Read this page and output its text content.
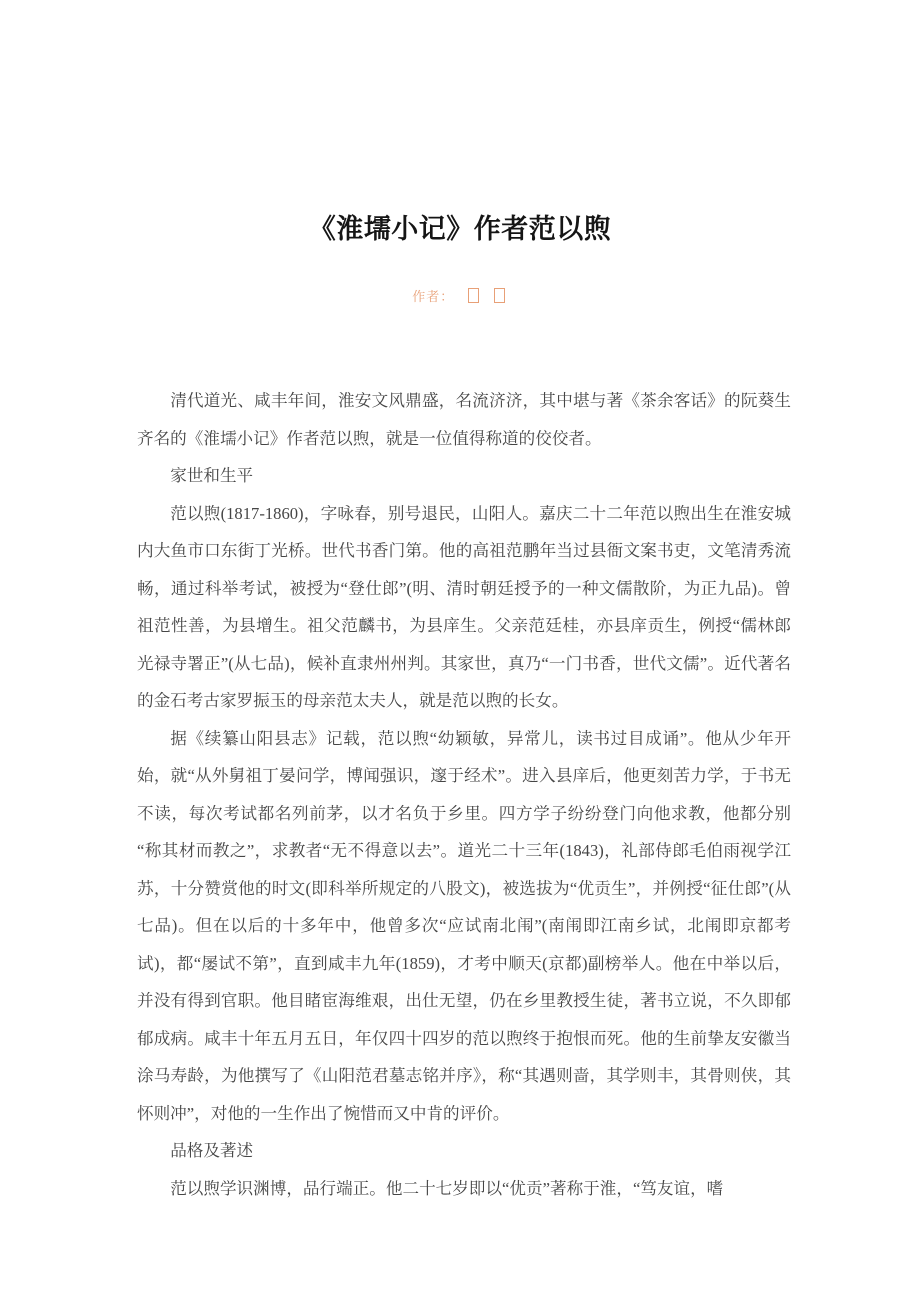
《淮壖小记》作者范以煦
作者：

清代道光、咸丰年间，淮安文风鼎盛，名流济济，其中堪与著《茶余客话》的阮葵生齐名的《淮壖小记》作者范以煦，就是一位值得称道的佼佼者。

家世和生平

范以煦(1817-1860)，字咏春，别号退民，山阳人。嘉庆二十二年范以煦出生在淮安城内大鱼市口东街丁光桥。世代书香门第。他的高祖范鹏年当过县衙文案书吏，文笔清秀流畅，通过科举考试，被授为“登仕郎”(明、清时朝廷授予的一种文儒散阶，为正九品)。曾祖范性善，为县增生。祖父范麟书，为县庠生。父亲范廷桂，亦县庠贡生，例授“儒林郎光禄寺署正”(从七品)，候补直隶州州判。其家世，真乃“一门书香，世代文儒”。近代著名的金石考古家罗振玉的母亲范太夫人，就是范以煦的长女。

据《续纂山阳县志》记载，范以煦“幼颖敏，异常儿，读书过目成诵”。他从少年开始，就“从外舅祖丁晏问学，博闻强识，邃于经术”。进入县庠后，他更刻苦力学，于书无不读，每次考试都名列前茅，以才名负于乡里。四方学子纷纷登门向他求教，他都分别“称其材而教之”，求教者“无不得意以去”。道光二十三年(1843)，礼部侍郎毛伯雨视学江苏，十分赞赏他的时文(即科举所规定的八股文)，被选拔为“优贡生”，并例授“征仕郎”(从七品)。但在以后的十多年中，他曾多次“应试南北闱”(南闱即江南乡试，北闱即京都考试)，都“屡试不第”，直到咸丰九年(1859)，才考中顺天(京都)副榜举人。他在中举以后，并没有得到官职。他目睹宦海维艰，出仕无望，仍在乡里教授生徒，著书立说，不久即郁郁成病。咸丰十年五月五日，年仅四十四岁的范以煦终于抱恨而死。他的生前挚友安徽当涂马寿龄，为他撰写了《山阳范君墓志铭并序》，称“其遇则啬，其学则丰，其骨则侠，其怀则冲”，对他的一生作出了惋惜而又中肯的评价。

品格及著述

范以煦学识渊博，品行端正。他二十七岁即以“优贡”著称于淮，“笃友谊，嗜
